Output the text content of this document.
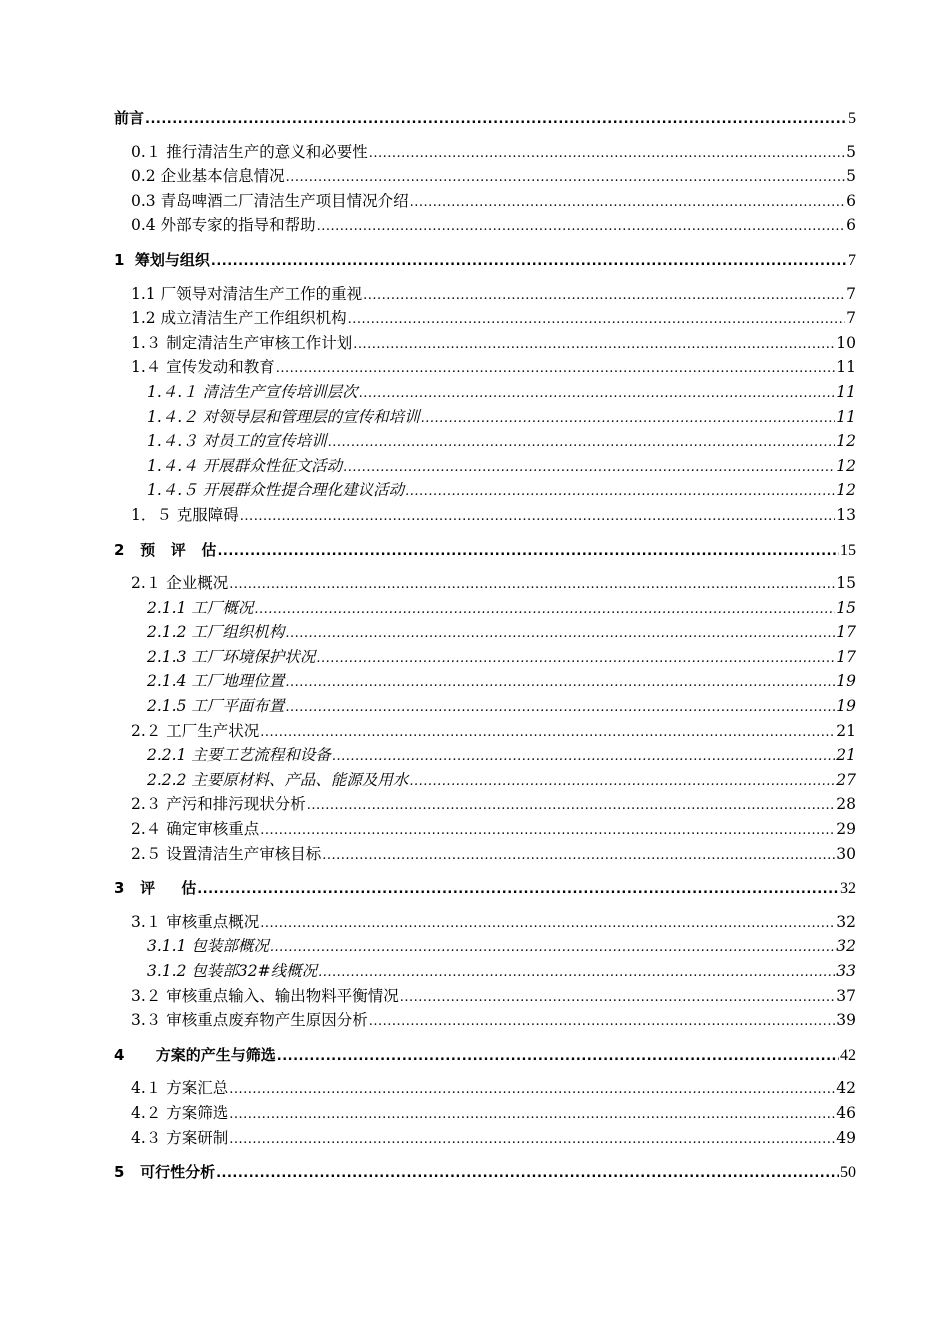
前言 .....	5
0.１ 推行清洁生产的意义和必要性 .....	5
0.2 企业基本信息情况 .....	5
0.3 青岛啤酒二厂清洁生产项目情况介绍 .....	6
0.4 外部专家的指导和帮助 .....	6
1  筹划与组织 .....	7
1.1 厂领导对清洁生产工作的重视 .....	7
1.2 成立清洁生产工作组织机构 .....	7
1.３ 制定清洁生产审核工作计划 .....	10
1.４ 宣传发动和教育 .....	11
1.４.１ 清洁生产宣传培训层次 .....	11
1.４.２ 对领导层和管理层的宣传和培训 .....	11
1.４.３ 对员工的宣传培训 .....	12
1.４.４ 开展群众性征文活动 .....	12
1.４.５ 开展群众性提合理化建议活动 .....	12
1．５ 克服障碍 .....	13
2   预   评   估 .....	15
2.１ 企业概况 .....	15
2.1.1 工厂概况 .....	15
2.1.2 工厂组织机构 .....	17
2.1.3 工厂环境保护状况 .....	17
2.1.4 工厂地理位置 .....	19
2.1.5 工厂平面布置 .....	19
2.２ 工厂生产状况 .....	21
2.2.1 主要工艺流程和设备 .....	21
2.2.2 主要原材料、产品、能源及用水 .....	27
2.３ 产污和排污现状分析 .....	28
2.４ 确定审核重点 .....	29
2.５ 设置清洁生产审核目标 .....	30
3   评     估 .....	32
3.１ 审核重点概况 .....	32
3.1.1 包装部概况 .....	32
3.1.2 包装部32#线概况 .....	33
3.２ 审核重点输入、输出物料平衡情况 .....	37
3.３ 审核重点废弃物产生原因分析 .....	39
4      方案的产生与筛选 .....	42
4.１ 方案汇总 .....	42
4.２ 方案筛选 .....	46
4.３ 方案研制 .....	49
5   可行性分析 .....	50
